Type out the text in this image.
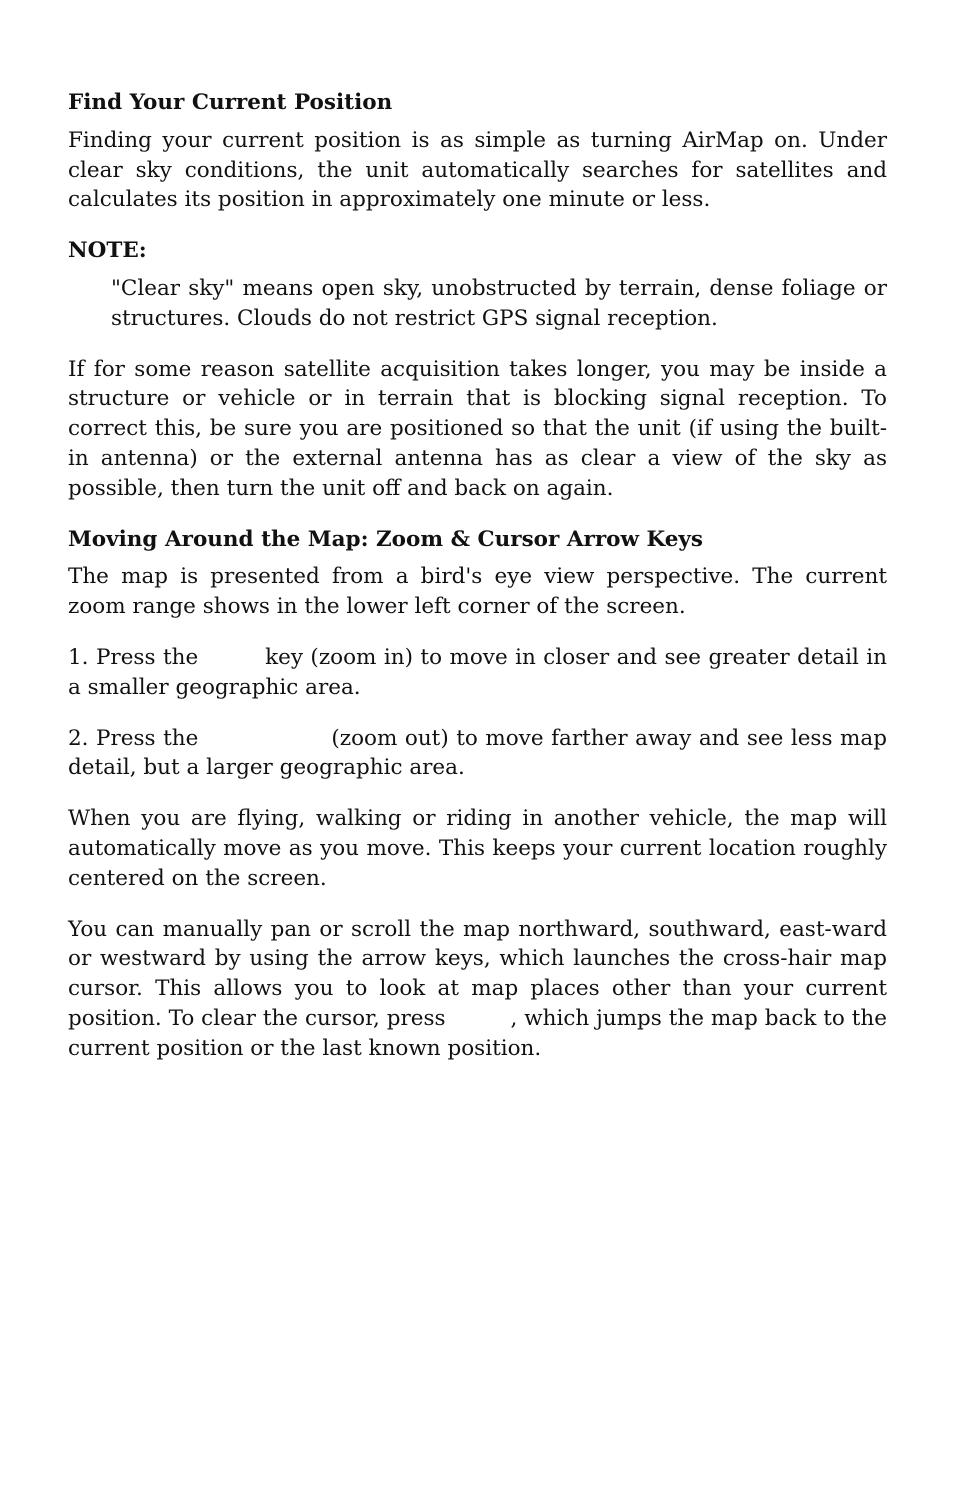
Find Your Current Position

Finding your current position is as simple as turning AirMap on. Under clear sky conditions, the unit automatically searches for satellites and calculates its position in approximately one minute or less.

NOTE:

"Clear sky" means open sky, unobstructed by terrain, dense foliage or structures. Clouds do not restrict GPS signal reception.

If for some reason satellite acquisition takes longer, you may be inside a structure or vehicle or in terrain that is blocking signal reception. To correct this, be sure you are positioned so that the unit (if using the built-in antenna) or the external antenna has as clear a view of the sky as possible, then turn the unit off and back on again.

Moving Around the Map: Zoom & Cursor Arrow Keys

The map is presented from a bird's eye view perspective. The current zoom range shows in the lower left corner of the screen.

1. Press the   key (zoom in) to move in closer and see greater detail in a smaller geographic area.

2. Press the	(zoom out) to move farther away and see less map detail, but a larger geographic area.

When you are flying, walking or riding in another vehicle, the map will automatically move as you move. This keeps your current location roughly centered on the screen.

You can manually pan or scroll the map northward, southward, east-ward or westward by using the arrow keys, which launches the cross-hair map cursor. This allows you to look at map places other than your current position. To clear the cursor, press	, which jumps the map back to the current position or the last known position.
